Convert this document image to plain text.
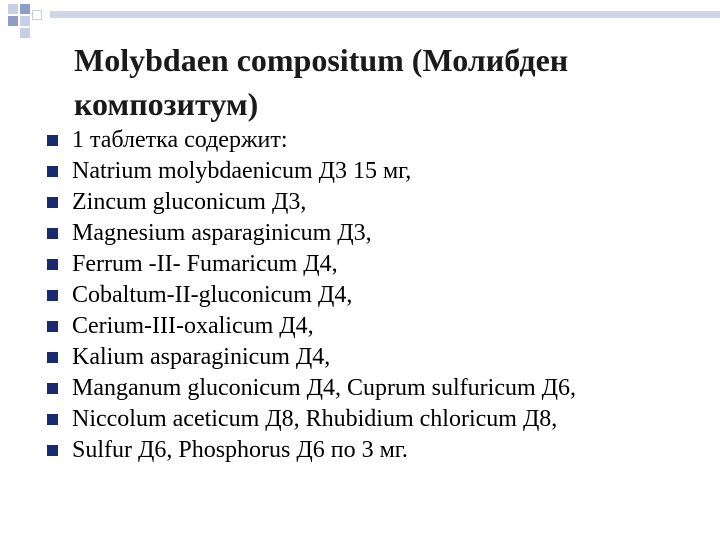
Molybdaen compositum (Молибден композитум)
1 таблетка содержит:
Natrium molybdaenicum Д3 15 мг,
Zincum gluconicum Д3,
Magnesium asparaginicum Д3,
Ferrum -II- Fumaricum Д4,
Cobaltum-II-gluconicum Д4,
Cerium-III-oxalicum Д4,
Kalium asparaginicum Д4,
Manganum gluconicum Д4, Cuprum sulfuricum Д6,
Niccolum aceticum Д8, Rhubidium chloricum Д8,
Sulfur Д6, Phosphorus Д6 по 3 мг.
